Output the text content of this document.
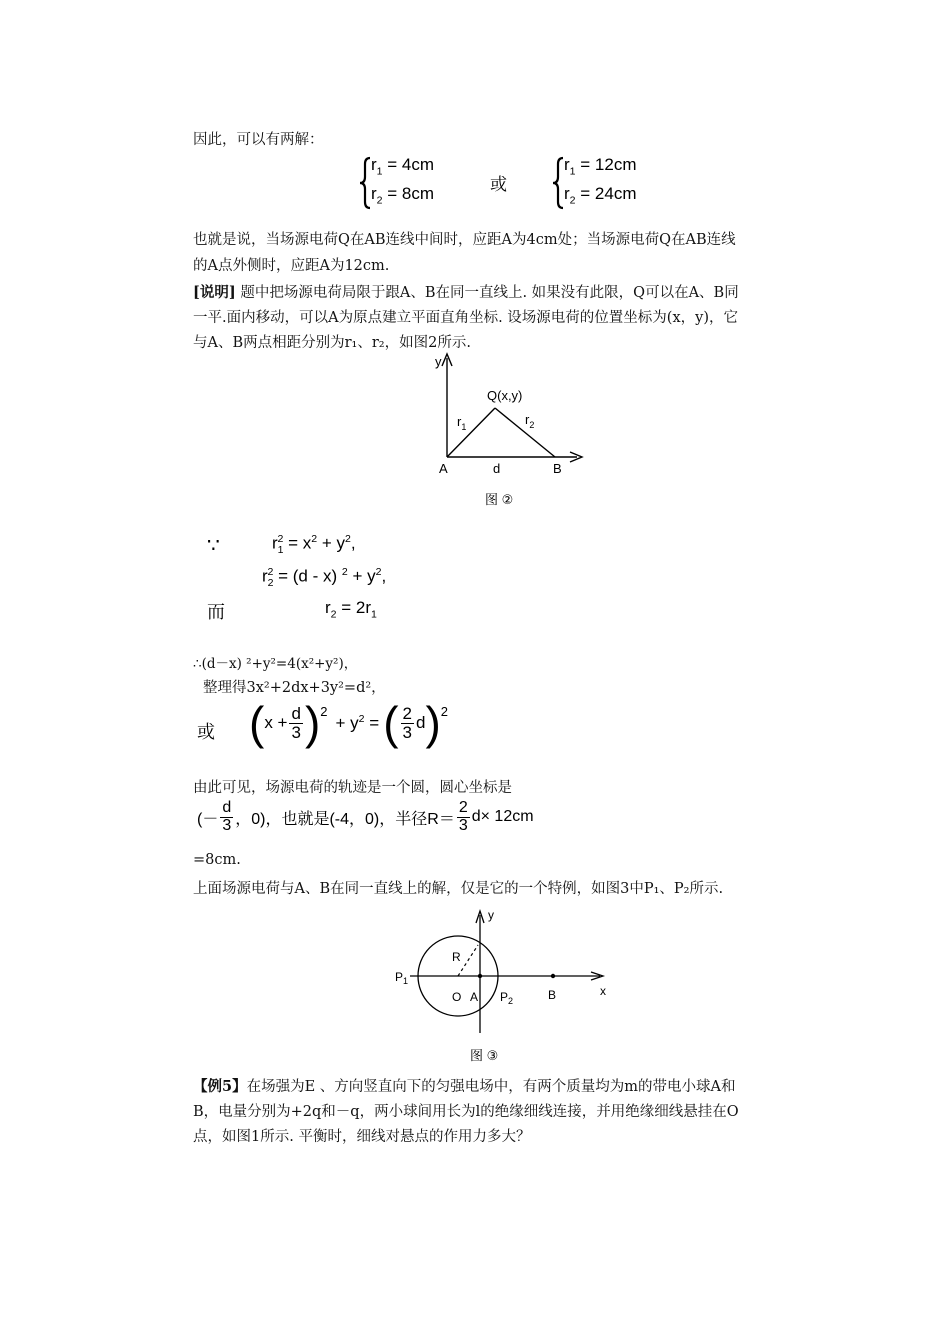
因此，可以有两解：
$r_1 = 4cm$
$r_2 = 8cm$	或
$r_1 = 12cm$
$r_2 = 24cm$
也就是说，当场源电荷Q在AB连线中间时，应距A为4cm处；当场源电荷Q在AB连线
的A点外侧时，应距A为12cm.
[说明] 题中把场源电荷局限于跟A、B在同一直线上. 如果没有此限，Q可以在A、B同
一平.面内移动，可以A为原点建立平面直角坐标. 设场源电荷的位置坐标为(x，y)，它
与A、B两点相距分别为r₁、r₂，如图2所示.
y
Q(x,y)
$r_1$	$r_2$
A	d	B
图 ②
∵	$r_1^2 = x^2 + y^2$,
$r_2^2 = (d - x) ^2 + y^2$,
而	$r_2 = 2r_1$
∴(d－x) ²+y²=4(x²+y²)，
整理得3x²+2dx+3y²=d²，
或 ( $x + \frac{d}{3} )^2$
+ $y^2$ = ( $\frac{2}{3}$ d )$^2$
由此可见，场源电荷的轨迹是一个圆，圆心坐标是
(－ $\frac{d}{3}$ ，0)，也就是(-4，0)，半径$R= \frac{2}{3} d\times 12cm$
=8cm.
上面场源电荷与A、B在同一直线上的解，仅是它的一个特例，如图3中P₁、P₂所示.
y
x
R
$P_1$
O A $P_2$	B
图 ③
【例5】在场强为E 、方向竖直向下的匀强电场中，有两个质量均为m的带电小球A和
B，电量分别为+2q和－q，两小球间用长为l的绝缘细线连接，并用绝缘细线悬挂在O
点，如图1所示. 平衡时，细线对悬点的作用力多大？
